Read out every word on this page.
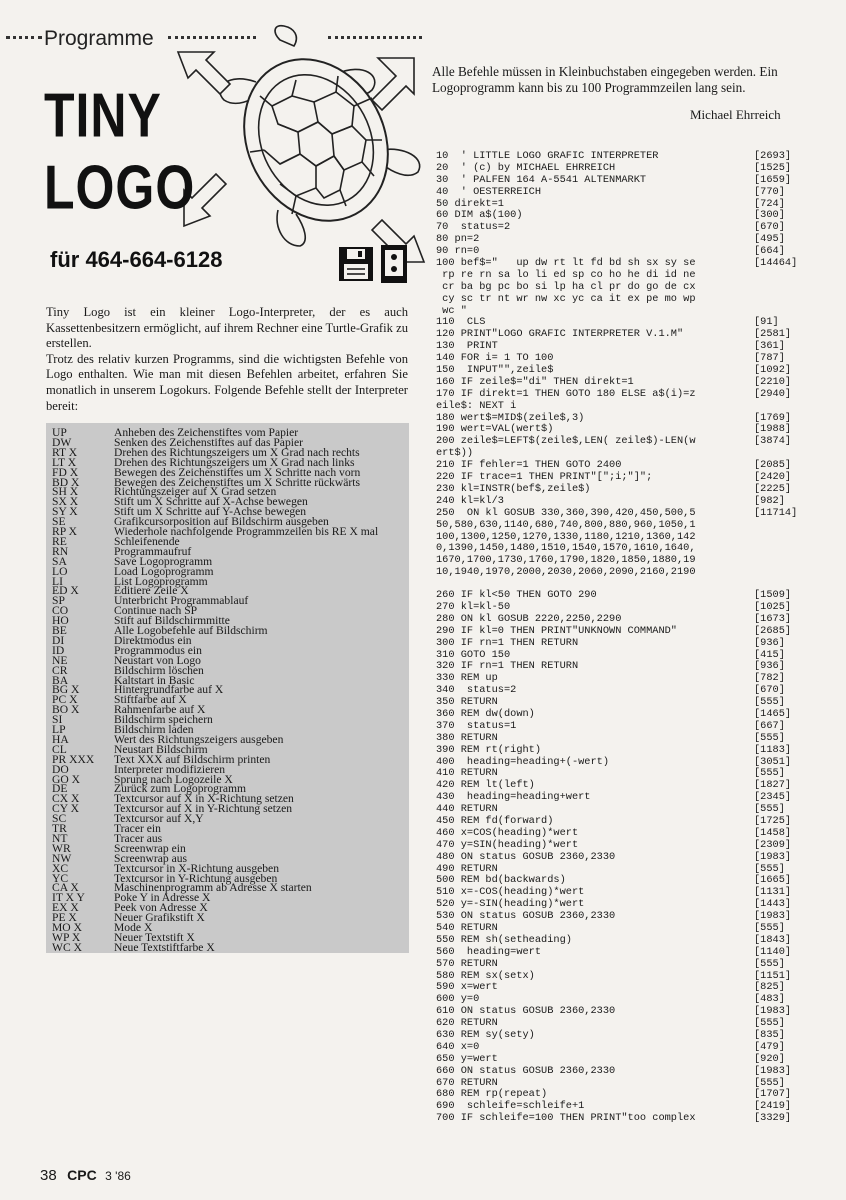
Programme
TINY
LOGO
für 464-664-6128

Tiny Logo ist ein kleiner Logo-Interpreter, der es auch Kassettenbesitzern ermöglicht, auf ihrem Rechner eine Turtle-Grafik zu erstellen.

Trotz des relativ kurzen Programms, sind die wichtigsten Befehle von Logo enthalten. Wie man mit diesen Befehlen arbeitet, erfahren Sie monatlich in unserem Logokurs. Folgende Befehle stellt der Interpreter bereit:

UP	Anheben des Zeichenstiftes vom Papier
DW	Senken des Zeichenstiftes auf das Papier
RT X	Drehen des Richtungszeigers um X Grad nach rechts
LT X	Drehen des Richtungszeigers um X Grad nach links
FD X	Bewegen des Zeichenstiftes um X Schritte nach vorn
BD X	Bewegen des Zeichenstiftes um X Schritte rückwärts
SH X	Richtungszeiger auf X Grad setzen
SX X	Stift um X Schritte auf X-Achse bewegen
SY X	Stift um X Schritte auf Y-Achse bewegen
SE	Grafikcursorposition auf Bildschirm ausgeben
RP X	Wiederhole nachfolgende Programmzeilen bis RE X mal
RE	Schleifenende
RN	Programmaufruf
SA	Save Logoprogramm
LO	Load Logoprogramm
LI	List Logoprogramm
ED X	Editiere Zeile X
SP	Unterbricht Programmablauf
CO	Continue nach SP
HO	Stift auf Bildschirmmitte
BE	Alle Logobefehle auf Bildschirm
DI	Direktmodus ein
ID	Programmodus ein
NE	Neustart von Logo
CR	Bildschirm löschen
BA	Kaltstart in Basic
BG X	Hintergrundfarbe auf X
PC X	Stiftfarbe auf X
BO X	Rahmenfarbe auf X
SI	Bildschirm speichern
LP	Bildschirm laden
HA	Wert des Richtungszeigers ausgeben
CL	Neustart Bildschirm
PR XXX	Text XXX auf Bildschirm printen
DO	Interpreter modifizieren
GO X	Sprung nach Logozeile X
DE	Zurück zum Logoprogramm
CX X	Textcursor auf X in X-Richtung setzen
CY X	Textcursor auf X in Y-Richtung setzen
SC	Textcursor auf X,Y
TR	Tracer ein
NT	Tracer aus
WR	Screenwrap ein
NW	Screenwrap aus
XC	Textcursor in X-Richtung ausgeben
YC	Textcursor in Y-Richtung ausgeben
CA X	Maschinenprogramm ab Adresse X starten
IT X Y	Poke Y in Adresse X
EX X	Peek von Adresse X
PE X	Neuer Grafikstift X
MO X	Mode X
WP X	Neuer Textstift X
WC X	Neue Textstiftfarbe X
Alle Befehle müssen in Kleinbuchstaben eingegeben werden. Ein Logoprogramm kann bis zu 100 Programmzeilen lang sein.
Michael Ehrreich
10  ' LITTLE LOGO GRAFIC INTERPRETER	[2693]
20  ' (c) by MICHAEL EHRREICH	[1525]
30  ' PALFEN 164 A-5541 ALTENMARKT	[1659]
40  ' OESTERREICH	[770]
50 direkt=1	[724]
60 DIM a$(100)	[300]
70  status=2	[670]
80 pn=2	[495]
90 rn=0	[664]
100 bef$="   up dw rt lt fd bd sh sx sy se	[14464]
rp re rn sa lo li ed sp co ho he di id ne
cr ba bg pc bo si lp ha cl pr do go de cx
cy sc tr nt wr nw xc yc ca it ex pe mo wp
wc "
110  CLS	[91]
120 PRINT"LOGO GRAFIC INTERPRETER V.1.M"	[2581]
130  PRINT	[361]
140 FOR i= 1 TO 100	[787]
150  INPUT"",zeile$	[1092]
160 IF zeile$="di" THEN direkt=1	[2210]
170 IF direkt=1 THEN GOTO 180 ELSE a$(i)=z	[2940]
eile$: NEXT i
180 wert$=MID$(zeile$,3)	[1769]
190 wert=VAL(wert$)	[1988]
200 zeile$=LEFT$(zeile$,LEN( zeile$)-LEN(w	[3874]
ert$))
210 IF fehler=1 THEN GOTO 2400	[2085]
220 IF trace=1 THEN PRINT"[";i;"]";	[2420]
230 kl=INSTR(bef$,zeile$)	[2225]
240 kl=kl/3	[982]
250  ON kl GOSUB 330,360,390,420,450,500,5	[11714]
50,580,630,1140,680,740,800,880,960,1050,1
100,1300,1250,1270,1330,1180,1210,1360,142
0,1390,1450,1480,1510,1540,1570,1610,1640,
1670,1700,1730,1760,1790,1820,1850,1880,19
10,1940,1970,2000,2030,2060,2090,2160,2190
260 IF kl<50 THEN GOTO 290	[1509]
270 kl=kl-50	[1025]
280 ON kl GOSUB 2220,2250,2290	[1673]
290 IF kl=0 THEN PRINT"UNKNOWN COMMAND"	[2685]
300 IF rn=1 THEN RETURN	[936]
310 GOTO 150	[415]
320 IF rn=1 THEN RETURN	[936]
330 REM up	[782]
340  status=2	[670]
350 RETURN	[555]
360 REM dw(down)	[1465]
370  status=1	[667]
380 RETURN	[555]
390 REM rt(right)	[1183]
400  heading=heading+(-wert)	[3051]
410 RETURN	[555]
420 REM lt(left)	[1827]
430  heading=heading+wert	[2345]
440 RETURN	[555]
450 REM fd(forward)	[1725]
460 x=COS(heading)*wert	[1458]
470 y=SIN(heading)*wert	[2309]
480 ON status GOSUB 2360,2330	[1983]
490 RETURN	[555]
500 REM bd(backwards)	[1665]
510 x=-COS(heading)*wert	[1131]
520 y=-SIN(heading)*wert	[1443]
530 ON status GOSUB 2360,2330	[1983]
540 RETURN	[555]
550 REM sh(setheading)	[1843]
560  heading=wert	[1140]
570 RETURN	[555]
580 REM sx(setx)	[1151]
590 x=wert	[825]
600 y=0	[483]
610 ON status GOSUB 2360,2330	[1983]
620 RETURN	[555]
630 REM sy(sety)	[835]
640 x=0	[479]
650 y=wert	[920]
660 ON status GOSUB 2360,2330	[1983]
670 RETURN	[555]
680 REM rp(repeat)	[1707]
690  schleife=schleife+1	[2419]
700 IF schleife=100 THEN PRINT"too complex	[3329]
38 CPC 3 '86
